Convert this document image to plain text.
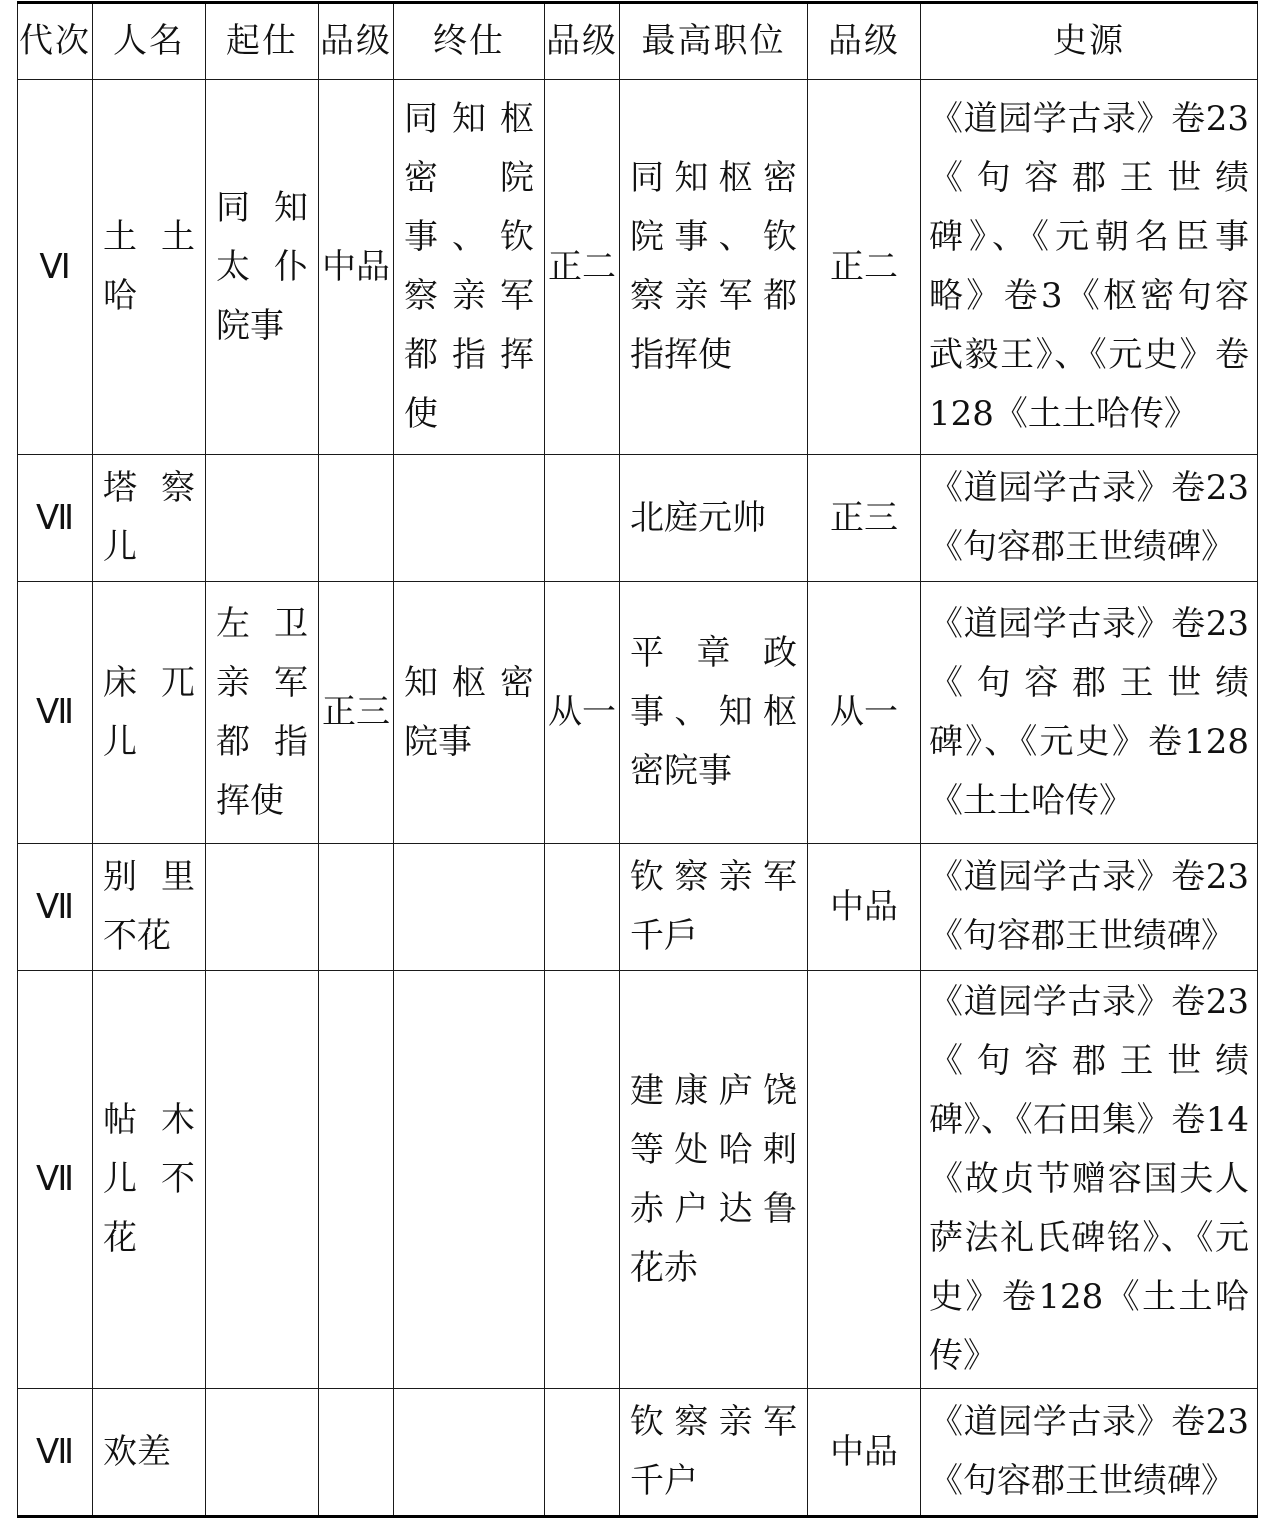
代次	人名	起仕	品级	终仕	品级	最高职位	品级	史源
Ⅵ	土土哈	同知太仆院事	中品	同知枢密院事、钦察亲军都指挥使	正二	同知枢密院事、钦察亲军都指挥使	正二	《道园学古录》卷23《句容郡王世绩碑》、《元朝名臣事略》卷3《枢密句容武毅王》、《元史》卷128《土土哈传》
Ⅶ	塔察儿					北庭元帅	正三	《道园学古录》卷23《句容郡王世绩碑》
Ⅶ	床兀儿	左卫亲军都指挥使	正三	知枢密院事	从一	平章政事、知枢密院事	从一	《道园学古录》卷23《句容郡王世绩碑》、《元史》卷128《土土哈传》
Ⅶ	别里不花					钦察亲军千戶	中品	《道园学古录》卷23《句容郡王世绩碑》
Ⅶ	帖木儿不花					建康庐饶等处哈剌赤户达鲁花赤		《道园学古录》卷23《句容郡王世绩碑》、《石田集》卷14《故贞节赠容国夫人萨法礼氏碑铭》、《元史》卷128《土土哈传》
Ⅶ	欢差					钦察亲军千户	中品	《道园学古录》卷23《句容郡王世绩碑》
